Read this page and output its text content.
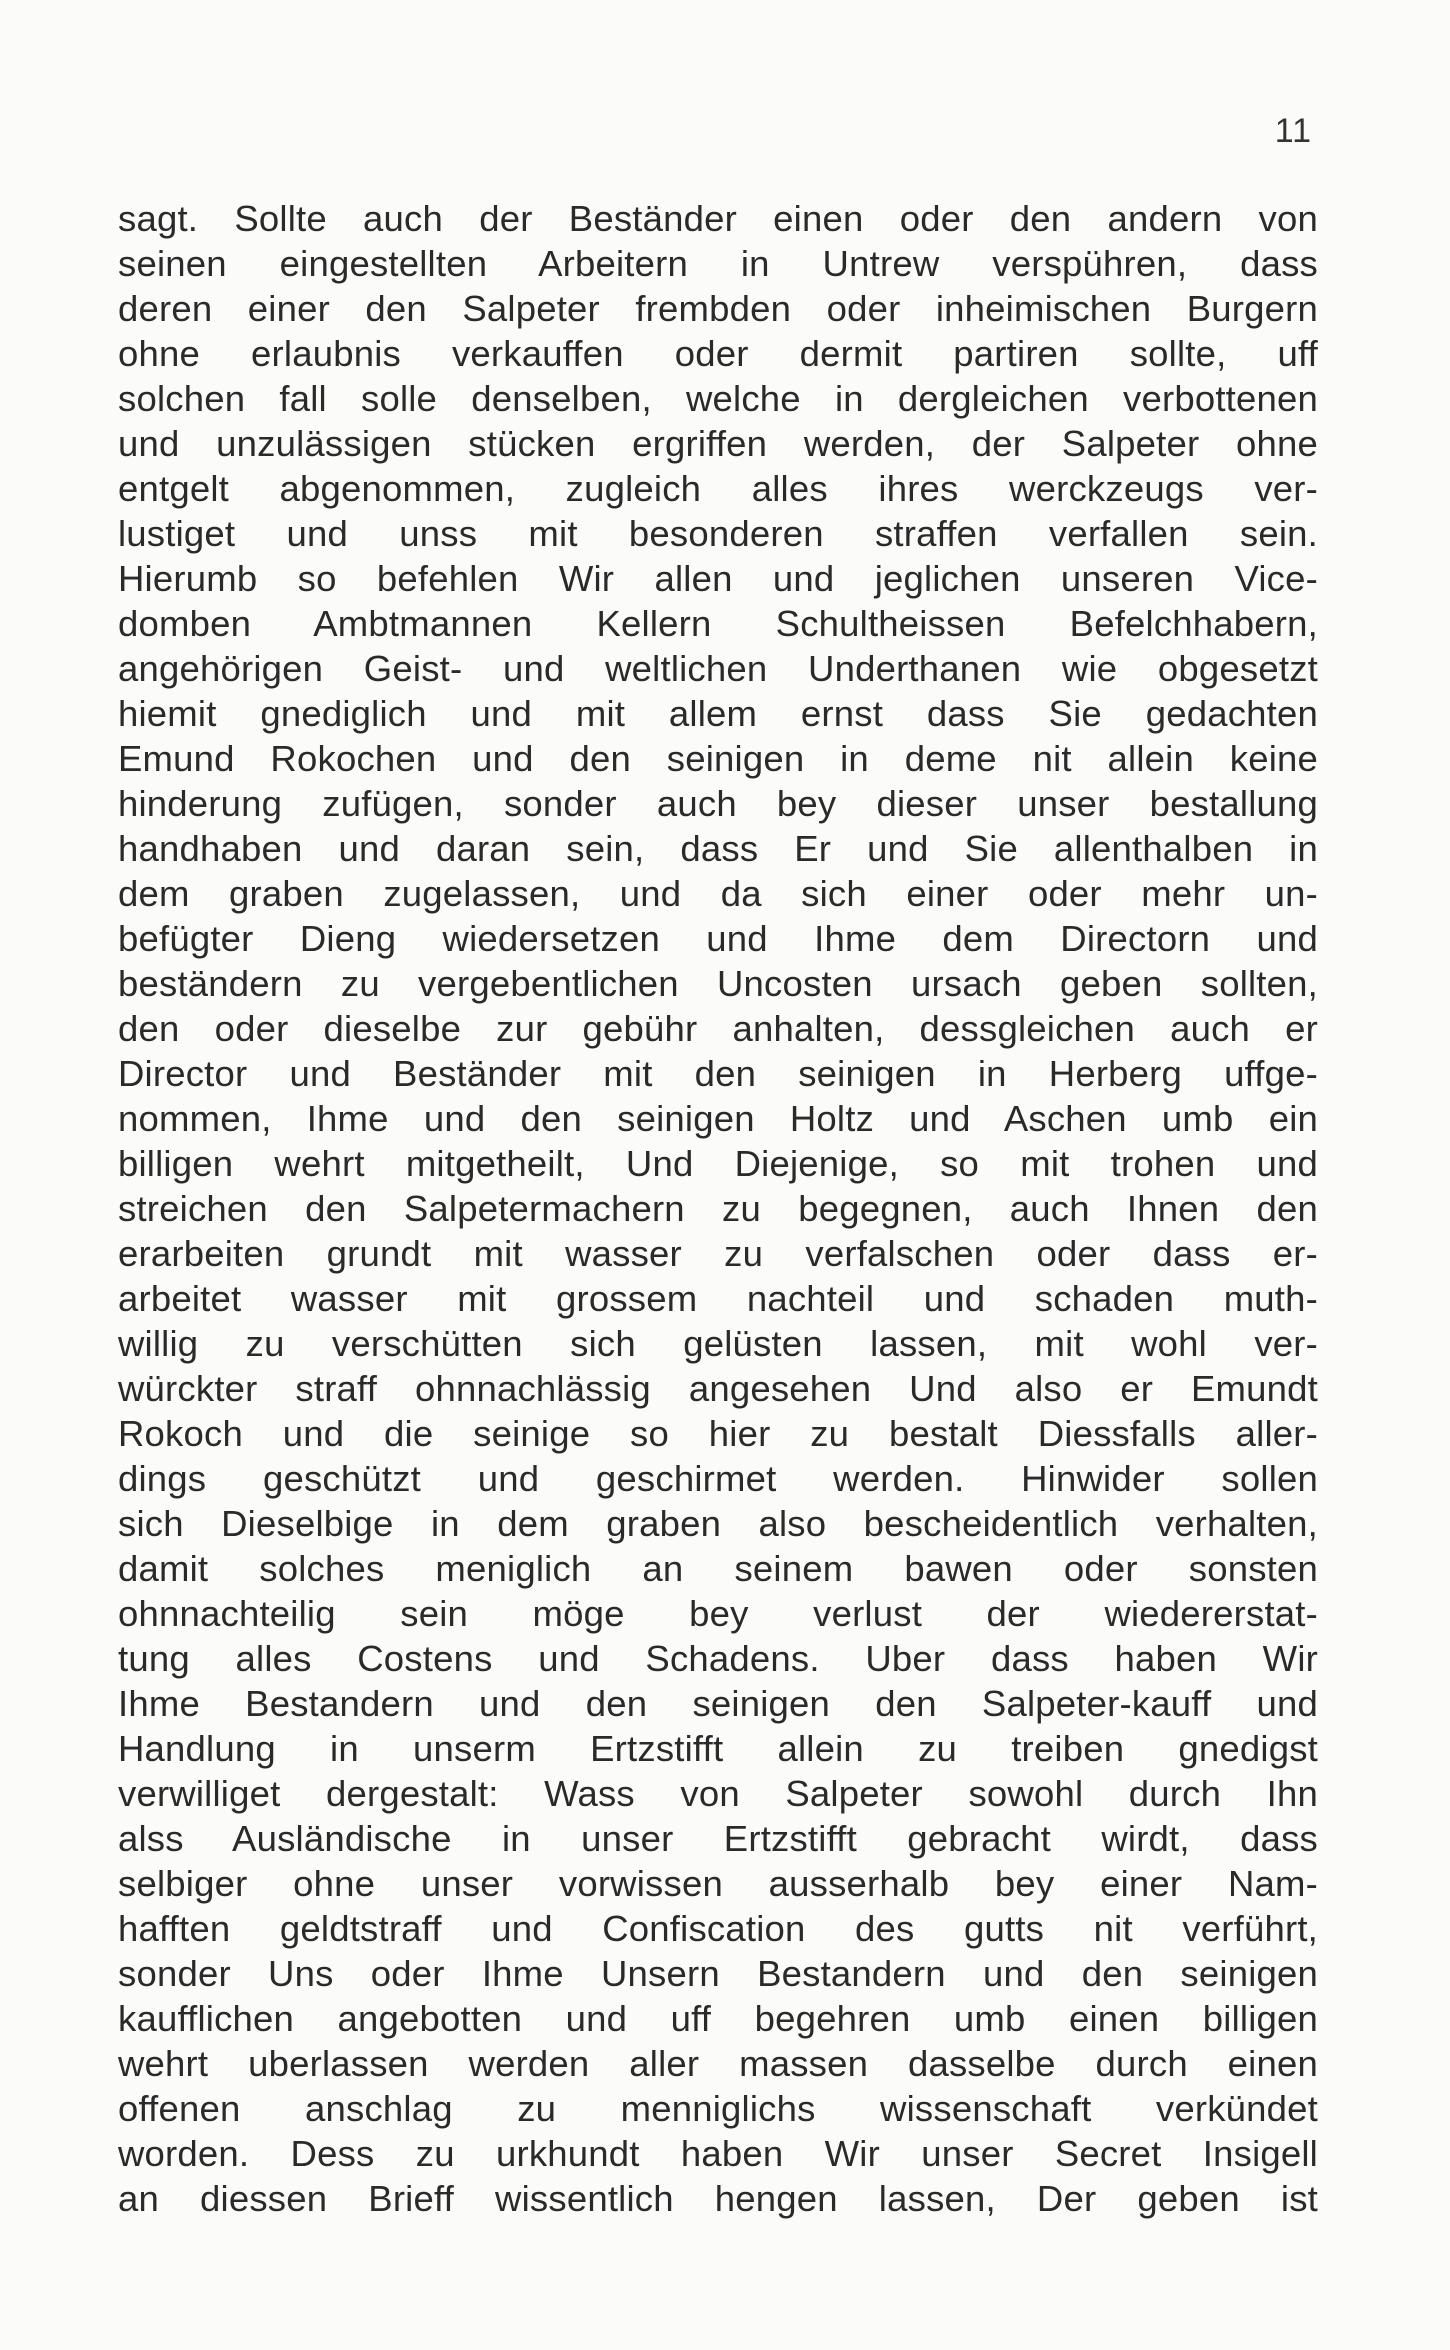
11
sagt. Sollte auch der Beständer einen oder den andern von
seinen eingestellten Arbeitern in Untrew verspühren, dass
deren einer den Salpeter frembden oder inheimischen Burgern
ohne erlaubnis verkauffen oder dermit partiren sollte, uff
solchen fall solle denselben, welche in dergleichen verbottenen
und unzulässigen stücken ergriffen werden, der Salpeter ohne
entgelt abgenommen, zugleich alles ihres werckzeugs ver-
lustiget und unss mit besonderen straffen verfallen sein.
Hierumb so befehlen Wir allen und jeglichen unseren Vice-
domben Ambtmannen Kellern Schultheissen Befelchhabern,
angehörigen Geist- und weltlichen Underthanen wie obgesetzt
hiemit gnediglich und mit allem ernst dass Sie gedachten
Emund Rokochen und den seinigen in deme nit allein keine
hinderung zufügen, sonder auch bey dieser unser bestallung
handhaben und daran sein, dass Er und Sie allenthalben in
dem graben zugelassen, und da sich einer oder mehr un-
befügter Dieng wiedersetzen und Ihme dem Directorn und
beständern zu vergebentlichen Uncosten ursach geben sollten,
den oder dieselbe zur gebühr anhalten, dessgleichen auch er
Director und Beständer mit den seinigen in Herberg uffge-
nommen, Ihme und den seinigen Holtz und Aschen umb ein
billigen wehrt mitgetheilt, Und Diejenige, so mit trohen und
streichen den Salpetermachern zu begegnen, auch Ihnen den
erarbeiten grundt mit wasser zu verfalschen oder dass er-
arbeitet wasser mit grossem nachteil und schaden muth-
willig zu verschütten sich gelüsten lassen, mit wohl ver-
würckter straff ohnnachlässig angesehen Und also er Emundt
Rokoch und die seinige so hier zu bestalt Diessfalls aller-
dings geschützt und geschirmet werden. Hinwider sollen
sich Dieselbige in dem graben also bescheidentlich verhalten,
damit solches meniglich an seinem bawen oder sonsten
ohnnachteilig sein möge bey verlust der wiedererstat-
tung alles Costens und Schadens. Uber dass haben Wir
Ihme Bestandern und den seinigen den Salpeter-kauff und
Handlung in unserm Ertzstifft allein zu treiben gnedigst
verwilliget dergestalt: Wass von Salpeter sowohl durch Ihn
alss Ausländische in unser Ertzstifft gebracht wirdt, dass
selbiger ohne unser vorwissen ausserhalb bey einer Nam-
hafften geldtstraff und Confiscation des gutts nit verführt,
sonder Uns oder Ihme Unsern Bestandern und den seinigen
kaufflichen angebotten und uff begehren umb einen billigen
wehrt uberlassen werden aller massen dasselbe durch einen
offenen anschlag zu menniglichs wissenschaft verkündet
worden. Dess zu urkhundt haben Wir unser Secret Insigell
an diessen Brieff wissentlich hengen lassen, Der geben ist
